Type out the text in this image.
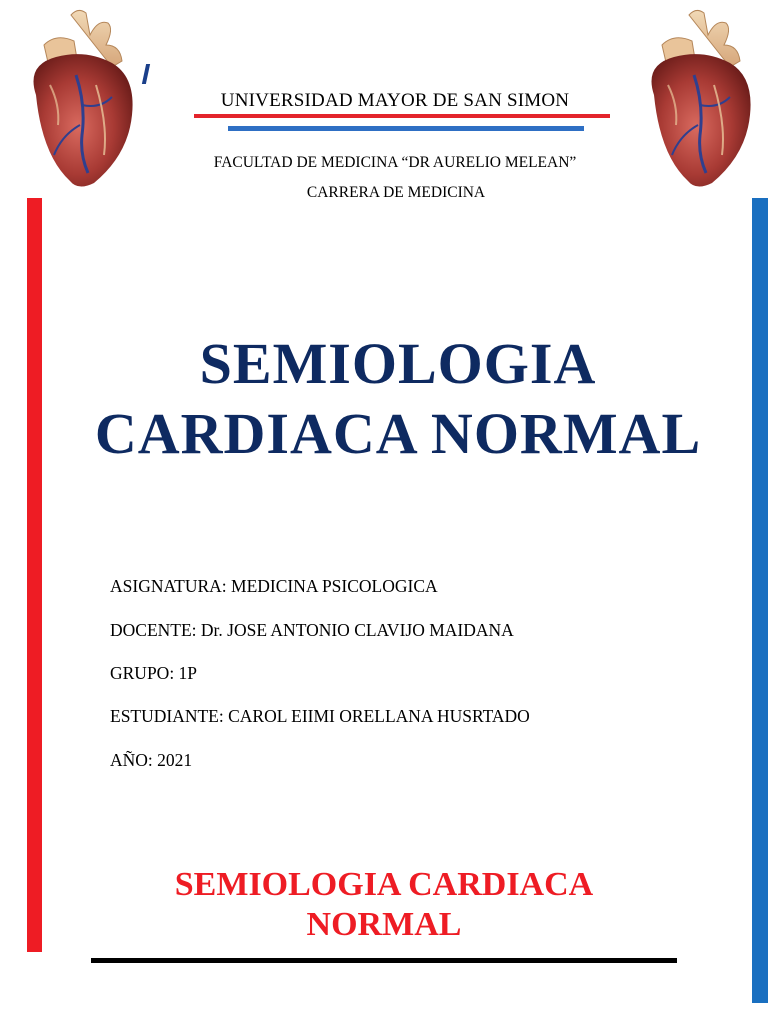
UNIVERSIDAD MAYOR DE SAN SIMON
FACULTAD DE MEDICINA “DR AURELIO MELEAN”
CARRERA DE MEDICINA
SEMIOLOGIA
CARDIACA NORMAL
ASIGNATURA: MEDICINA PSICOLOGICA
DOCENTE: Dr. JOSE ANTONIO CLAVIJO MAIDANA
GRUPO: 1P
ESTUDIANTE: CAROL EIIMI ORELLANA HUSRTADO
AÑO: 2021
SEMIOLOGIA CARDIACA
NORMAL
